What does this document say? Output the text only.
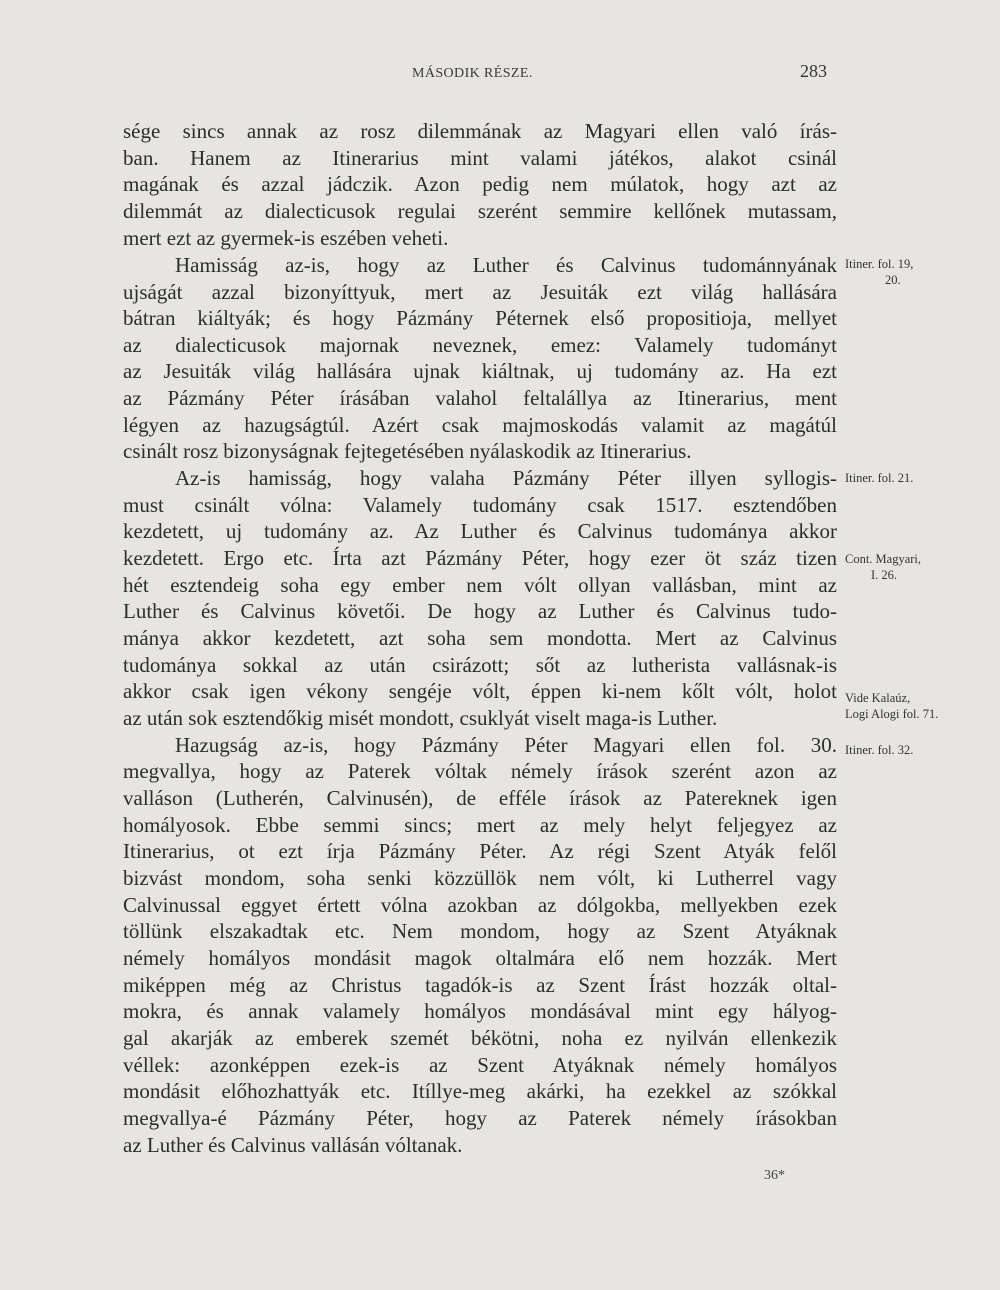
MÁSODIK RÉSZE.	283
sége sincs annak az rosz dilemmának az Magyari ellen való írás-
ban. Hanem az Itinerarius mint valami játékos, alakot csinál
magának és azzal jádczik. Azon pedig nem múlatok, hogy azt az
dilemmát az dialecticusok regulai szerént semmire kellőnek mutassam,
mert ezt az gyermek-is eszében veheti.
Hamisság az-is, hogy az Luther és Calvinus tudománnyának
ujságát azzal bizonyíttyuk, mert az Jesuiták ezt világ hallására
bátran kiáltyák; és hogy Pázmány Péternek első propositioja, mellyet
az dialecticusok majornak neveznek, emez: Valamely tudományt
az Jesuiták világ hallására ujnak kiáltnak, uj tudomány az. Ha ezt
az Pázmány Péter írásában valahol feltalállya az Itinerarius, ment
légyen az hazugságtúl. Azért csak majmoskodás valamit az magátúl
csinált rosz bizonyságnak fejtegetésében nyálaskodik az Itinerarius.
Az-is hamisság, hogy valaha Pázmány Péter illyen syllogis-
must csinált vólna: Valamely tudomány csak 1517. esztendőben
kezdetett, uj tudomány az. Az Luther és Calvinus tudománya akkor
kezdetett. Ergo etc. Írta azt Pázmány Péter, hogy ezer öt száz tizen
hét esztendeig soha egy ember nem vólt ollyan vallásban, mint az
Luther és Calvinus követői. De hogy az Luther és Calvinus tudo-
mánya akkor kezdetett, azt soha sem mondotta. Mert az Calvinus
tudománya sokkal az után csirázott; sőt az lutherista vallásnak-is
akkor csak igen vékony sengéje vólt, éppen ki-nem kőlt vólt, holot
az után sok esztendőkig misét mondott, csuklyát viselt maga-is Luther.
Hazugság az-is, hogy Pázmány Péter Magyari ellen fol. 30.
megvallya, hogy az Paterek vóltak némely írások szerént azon az
valláson (Lutherén, Calvinusén), de efféle írások az Patereknek igen
homályosok. Ebbe semmi sincs; mert az mely helyt feljegyez az
Itinerarius, ot ezt írja Pázmány Péter. Az régi Szent Atyák felől
bizvást mondom, soha senki közzüllök nem vólt, ki Lutherrel vagy
Calvinussal eggyet értett vólna azokban az dólgokba, mellyekben ezek
töllünk elszakadtak etc. Nem mondom, hogy az Szent Atyáknak
némely homályos mondásit magok oltalmára elő nem hozzák. Mert
miképpen még az Christus tagadók-is az Szent Írást hozzák oltal-
mokra, és annak valamely homályos mondásával mint egy hályog-
gal akarják az emberek szemét békötni, noha ez nyilván ellenkezik
véllek: azonképpen ezek-is az Szent Atyáknak némely homályos
mondásit előhozhattyák etc. Itíllye-meg akárki, ha ezekkel az szókkal
megvallya-é Pázmány Péter, hogy az Paterek némely írásokban
az Luther és Calvinus vallásán vóltanak.
Itiner. fol. 19,
20.
Itiner. fol. 21.
Cont. Magyari,
I. 26.
Vide Kalaúz,
Logi Alogi fol. 71.
Itiner. fol. 32.
36*
